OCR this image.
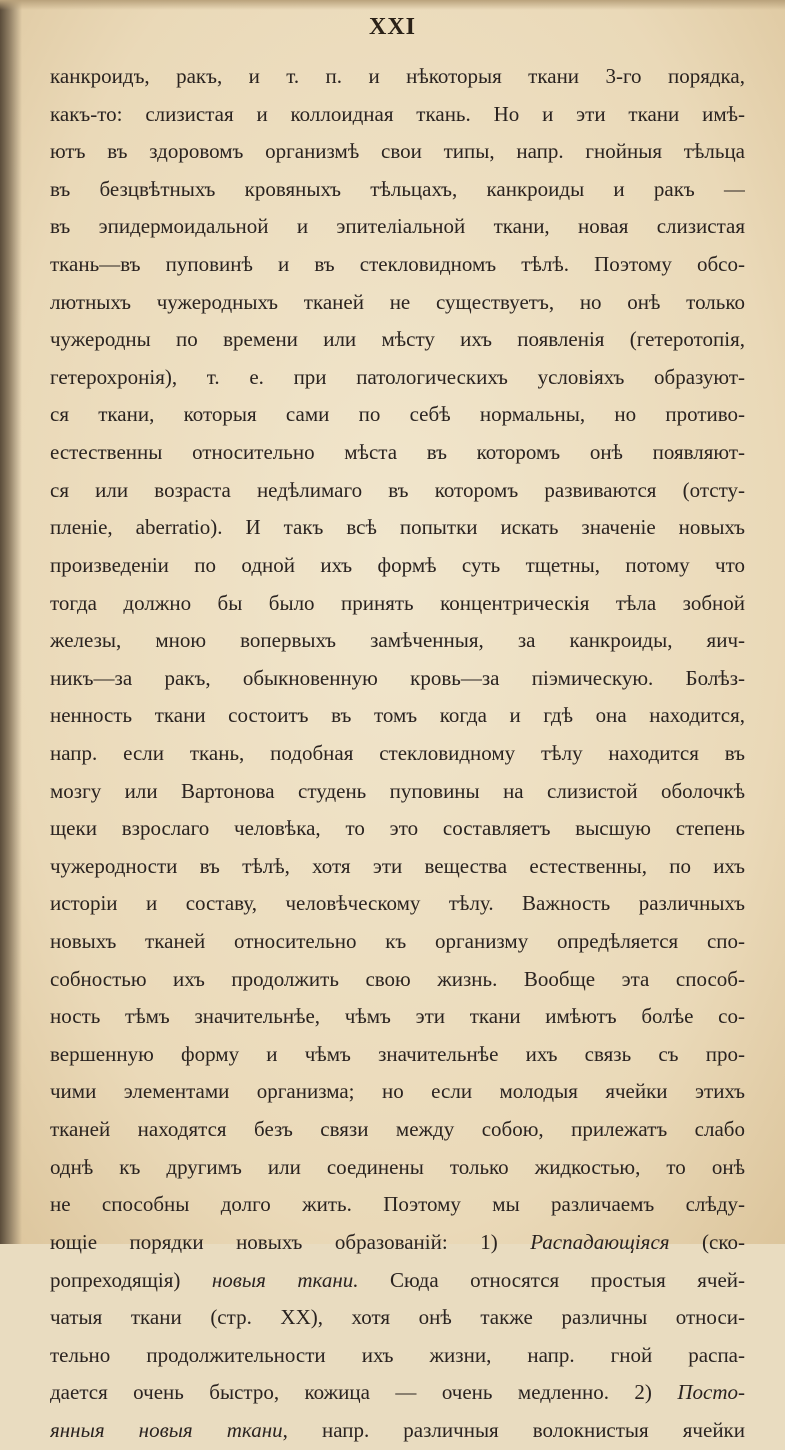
XXI
канкроидъ, ракъ, и т. п. и нѣкоторыя ткани 3-го порядка,
какъ-то: слизистая и коллоидная ткань. Но и эти ткани имѣ-
ютъ въ здоровомъ организмѣ свои типы, напр. гнойныя тѣльца
въ безцвѣтныхъ кровяныхъ тѣльцахъ, канкроиды и ракъ —
въ эпидермоидальной и эпителіальной ткани, новая слизистая
ткань—въ пуповинѣ и въ стекловидномъ тѣлѣ. Поэтому обсо-
лютныхъ чужеродныхъ тканей не существуетъ, но онѣ только
чужеродны по времени или мѣсту ихъ появленія (гетеротопія,
гетерохронія), т. е. при патологическихъ условіяхъ образуют-
ся ткани, которыя сами по себѣ нормальны, но противо-
естественны относительно мѣста въ которомъ онѣ появляют-
ся или возраста недѣлимаго въ которомъ развиваются (отсту-
пленіе, aberratio). И такъ всѣ попытки искать значеніе новыхъ
произведеніи по одной ихъ формѣ суть тщетны, потому что
тогда должно бы было принять концентрическія тѣла зобной
железы, мною вопервыхъ замѣченныя, за канкроиды, яич-
никъ—за ракъ, обыкновенную кровь—за піэмическую. Болѣз-
ненность ткани состоитъ въ томъ когда и гдѣ она находится,
напр. если ткань, подобная стекловидному тѣлу находится въ
мозгу или Вартонова студень пуповины на слизистой оболочкѣ
щеки взрослаго человѣка, то это составляетъ высшую степень
чужеродности въ тѣлѣ, хотя эти вещества естественны, по ихъ
исторіи и составу, человѣческому тѣлу. Важность различныхъ
новыхъ тканей относительно къ организму опредѣляется спо-
собностью ихъ продолжить свою жизнь. Вообще эта способ-
ность тѣмъ значительнѣе, чѣмъ эти ткани имѣютъ болѣе со-
вершенную форму и чѣмъ значительнѣе ихъ связь съ про-
чими элементами организма; но если молодыя ячейки этихъ
тканей находятся безъ связи между собою, прилежатъ слабо
однѣ къ другимъ или соединены только жидкостью, то онѣ
не способны долго жить. Поэтому мы различаемъ слѣду-
ющіе порядки новыхъ образованій: 1) Распадающіяся (ско-
ропреходящія) новыя ткани. Сюда относятся простыя ячей-
чатыя ткани (стр. XX), хотя онѣ также различны относи-
тельно продолжительности ихъ жизни, напр. гной распа-
дается очень быстро, кожица — очень медленно. 2) Посто-
янныя новыя ткани, напр. различныя волокнистыя ячейки
